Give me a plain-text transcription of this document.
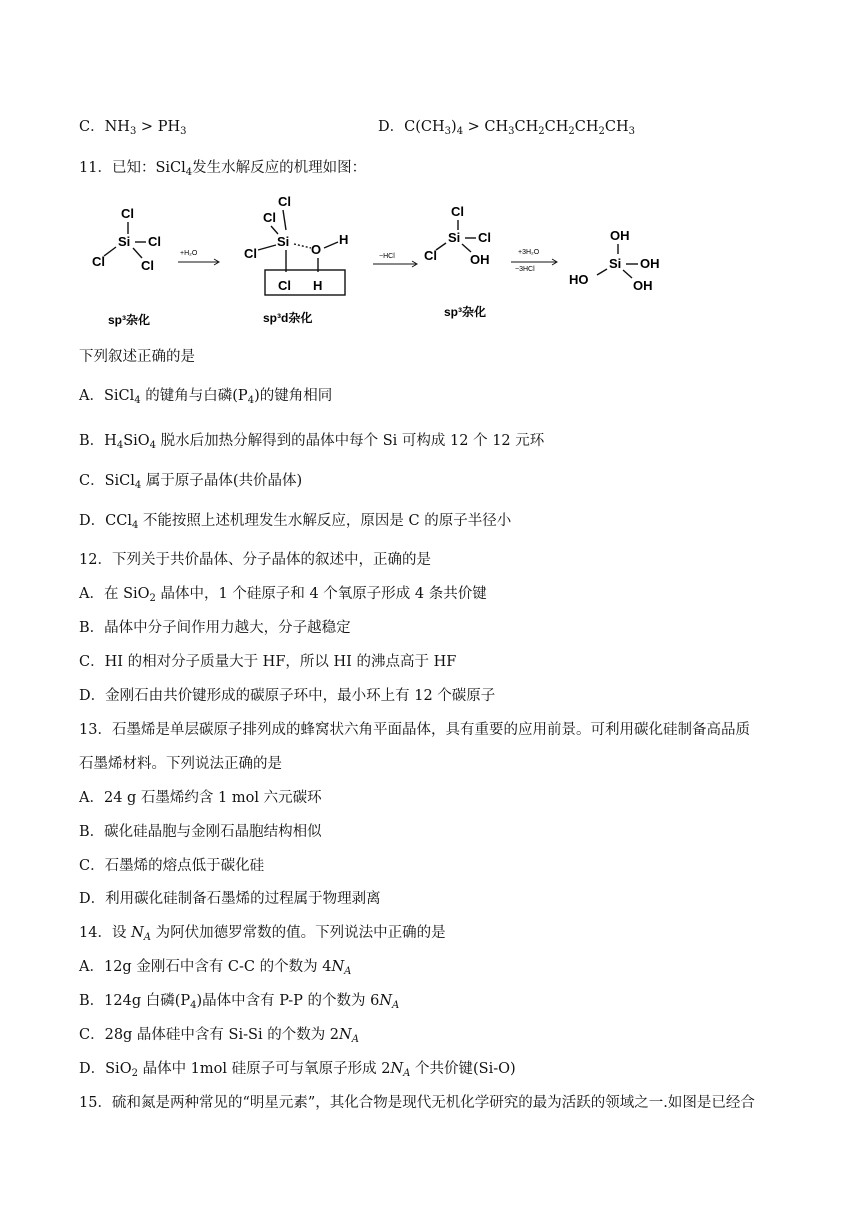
C．$NH_3 > PH_3$	D．$C(CH_3)_4 > CH_3CH_2CH_2CH_2CH_3$
11．已知：SiCl$_4$发生水解反应的机理如图：
Cl
Si Cl
Cl	Cl
sp³杂化
+H₂O
Cl
Cl
Si
O
H
Cl
Cl H
sp³d杂化
−HCl
Cl
Si Cl
Cl	OH
sp³杂化
+3H₂O
−3HCl
OH
Si OH
HO	OH
下列叙述正确的是
A．SiCl$_4$ 的键角与白磷$(P_4)$的键角相同
B．$H_4SiO_4$ 脱水后加热分解得到的晶体中每个 Si 可构成 12 个 12 元环
C．SiCl$_4$ 属于原子晶体(共价晶体)
D．CCl$_4$ 不能按照上述机理发生水解反应，原因是 C 的原子半径小
12．下列关于共价晶体、分子晶体的叙述中，正确的是
A．在 SiO$_2$ 晶体中，1 个硅原子和 4 个氧原子形成 4 条共价键
B．晶体中分子间作用力越大，分子越稳定
C．HI 的相对分子质量大于 HF，所以 HI 的沸点高于 HF
D．金刚石由共价键形成的碳原子环中，最小环上有 12 个碳原子
13．石墨烯是单层碳原子排列成的蜂窝状六角平面晶体，具有重要的应用前景。可利用碳化硅制备高品质
石墨烯材料。下列说法正确的是
A．24 g 石墨烯约含 1 mol 六元碳环
B．碳化硅晶胞与金刚石晶胞结构相似
C．石墨烯的熔点低于碳化硅
D．利用碳化硅制备石墨烯的过程属于物理剥离
14．设 $N_A$ 为阿伏加德罗常数的值。下列说法中正确的是
A．12g 金刚石中含有 C-C 的个数为 $4N_A$
B．124g 白磷$(P_4)$晶体中含有 P-P 的个数为 $6N_A$
C．28g 晶体硅中含有 Si-Si 的个数为 $2N_A$
D．SiO$_2$ 晶体中 1mol 硅原子可与氧原子形成 $2N_A$ 个共价键(Si-O)
15．硫和氮是两种常见的“明星元素”，其化合物是现代无机化学研究的最为活跃的领域之一.如图是已经合
